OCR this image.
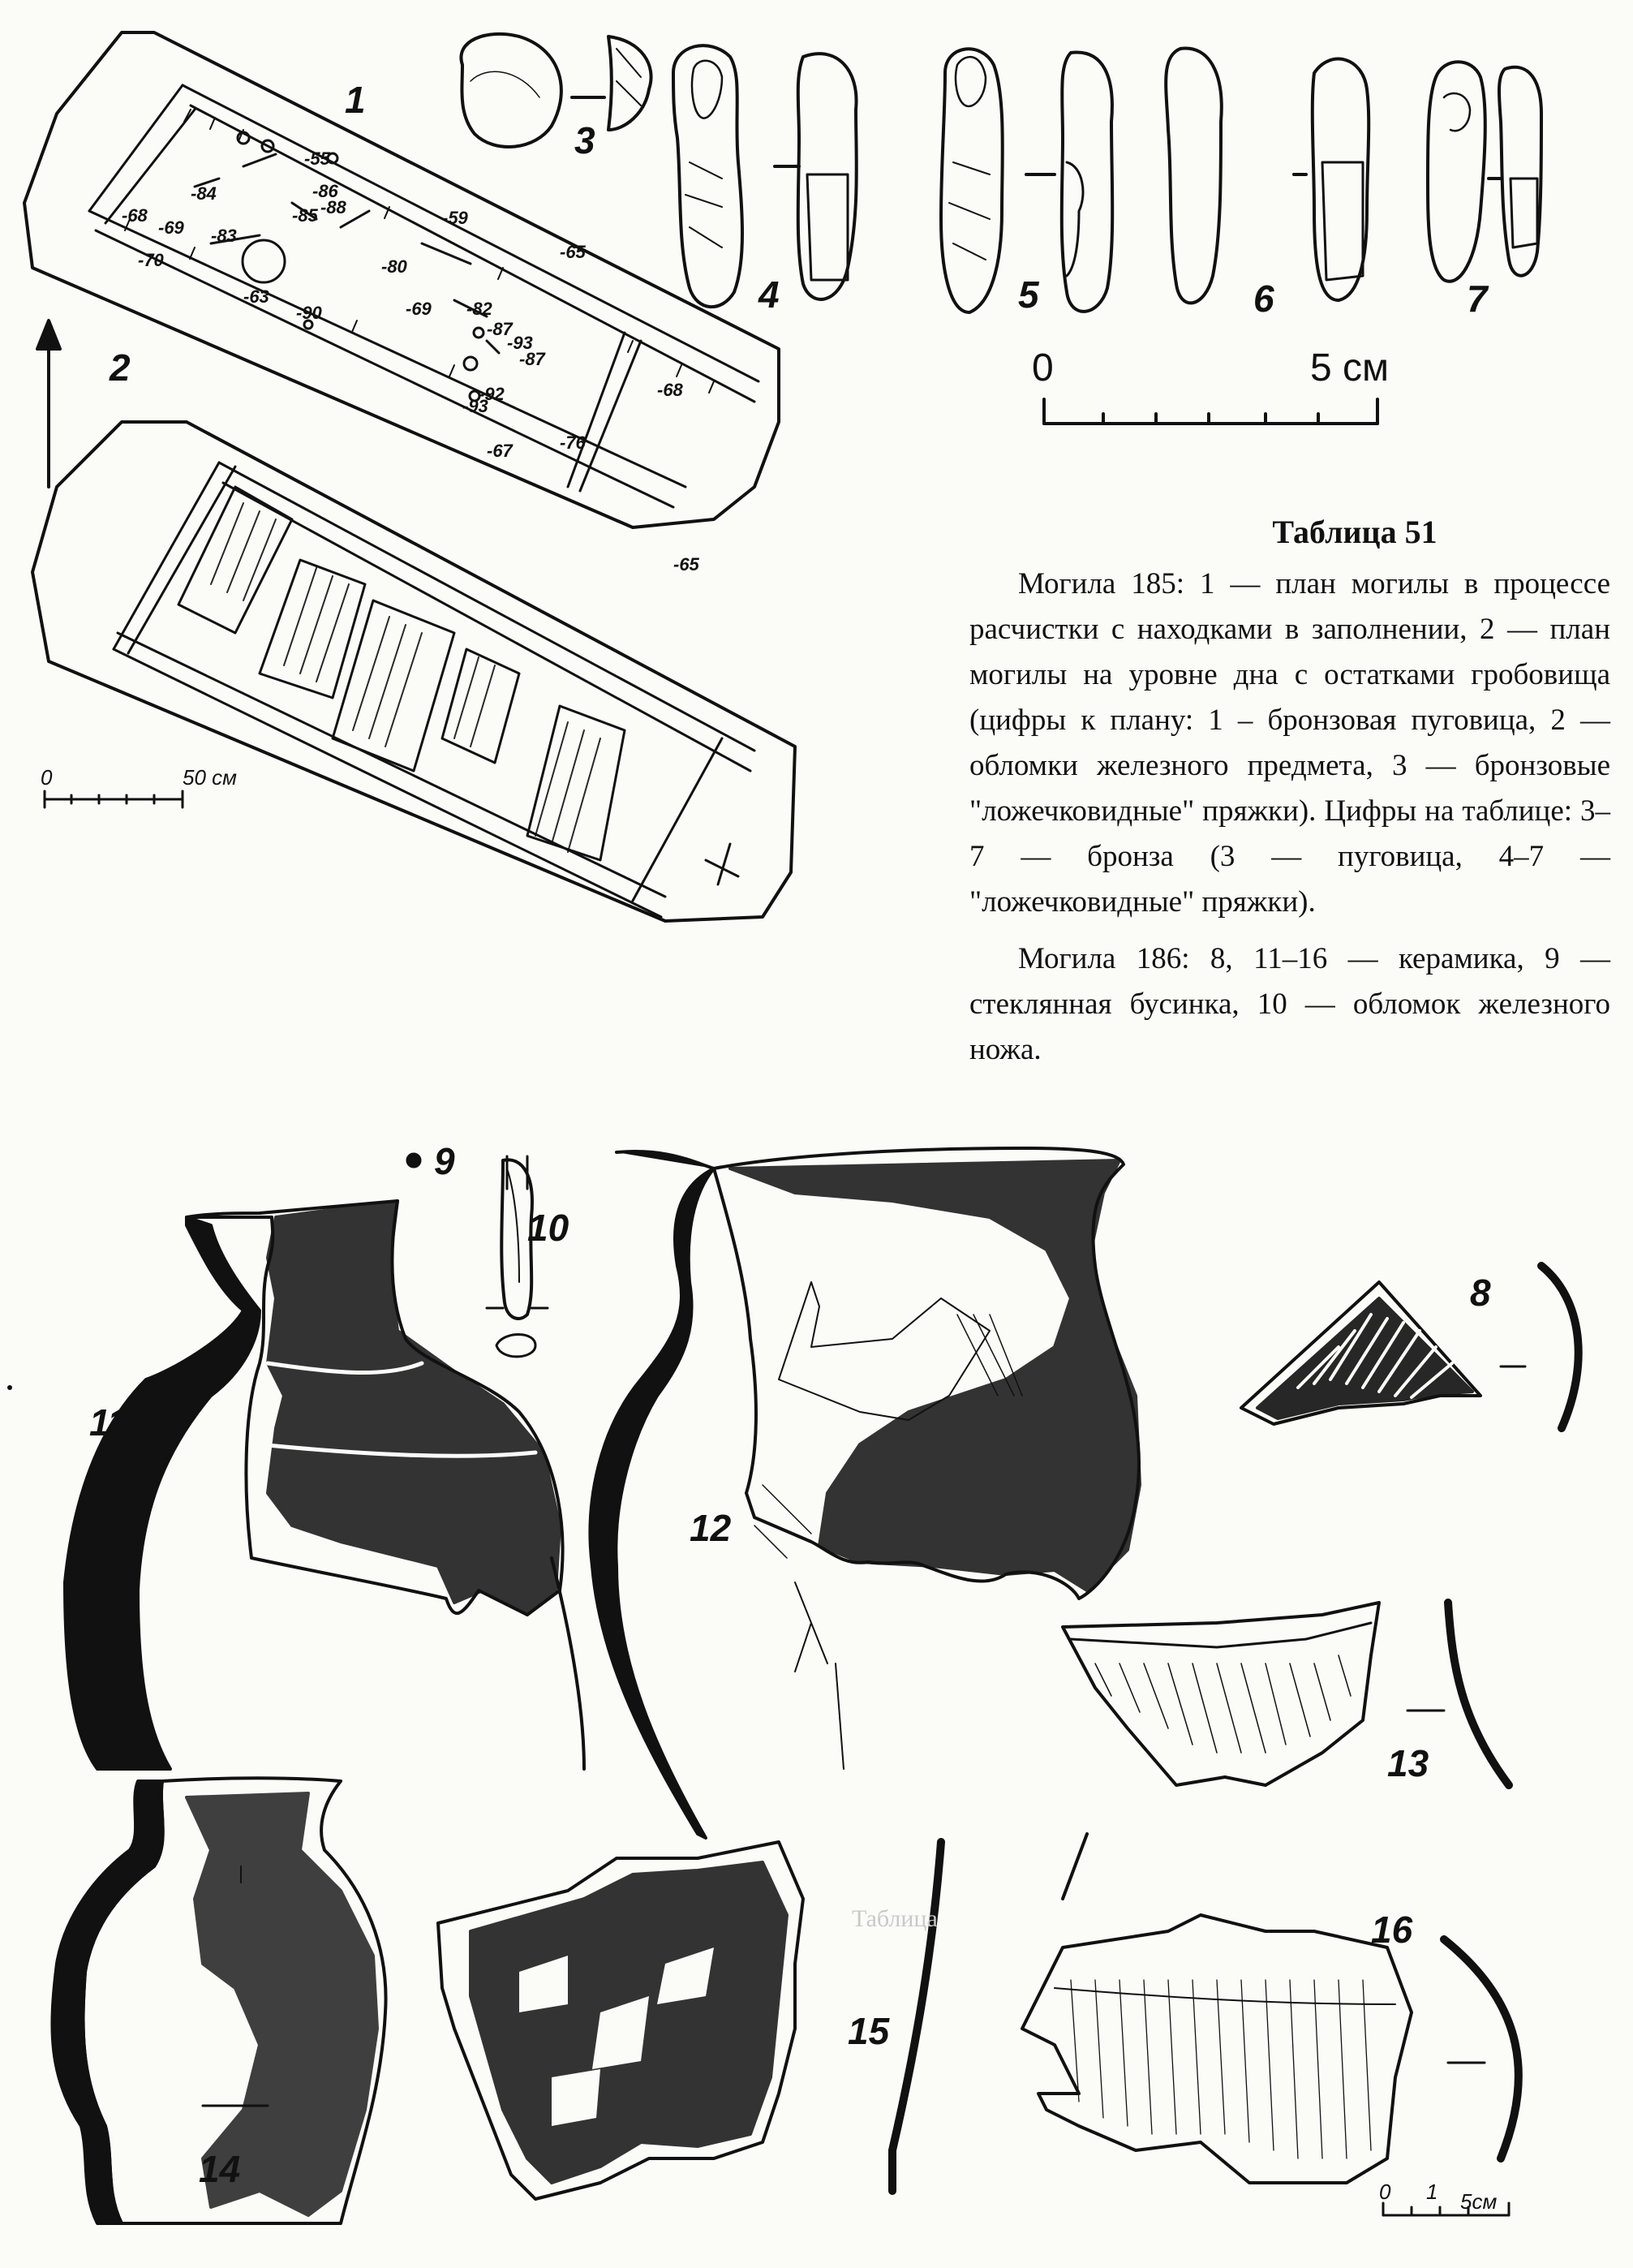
1
2
3
4	5	6	7
8
9
10
11
12
13
14
15
16
-55
-86
-88
-85
-83
-84
-68
-69
-70
-63
-90
-80
-69
-59
-65
-82
-87
-93
-87
-92
-93
-67	-76
-68
-65
0	5 см
0	50 см
0 1 5см
Таблица 51

Могила 185: 1 — план могилы в процессе расчистки с находками в заполнении, 2 — план могилы на уровне дна с остатками гробовища (цифры к плану: 1 – бронзовая пуговица, 2 — обломки железного предмета, 3 — бронзовые "ложечковидные" пряжки). Цифры на таблице: 3–7 — бронза (3 — пуговица, 4–7 — "ложечковидные" пряжки).

Могила 186: 8, 11–16 — керамика, 9 — стеклянная бусинка, 10 — обломок железного ножа.

Таблица
